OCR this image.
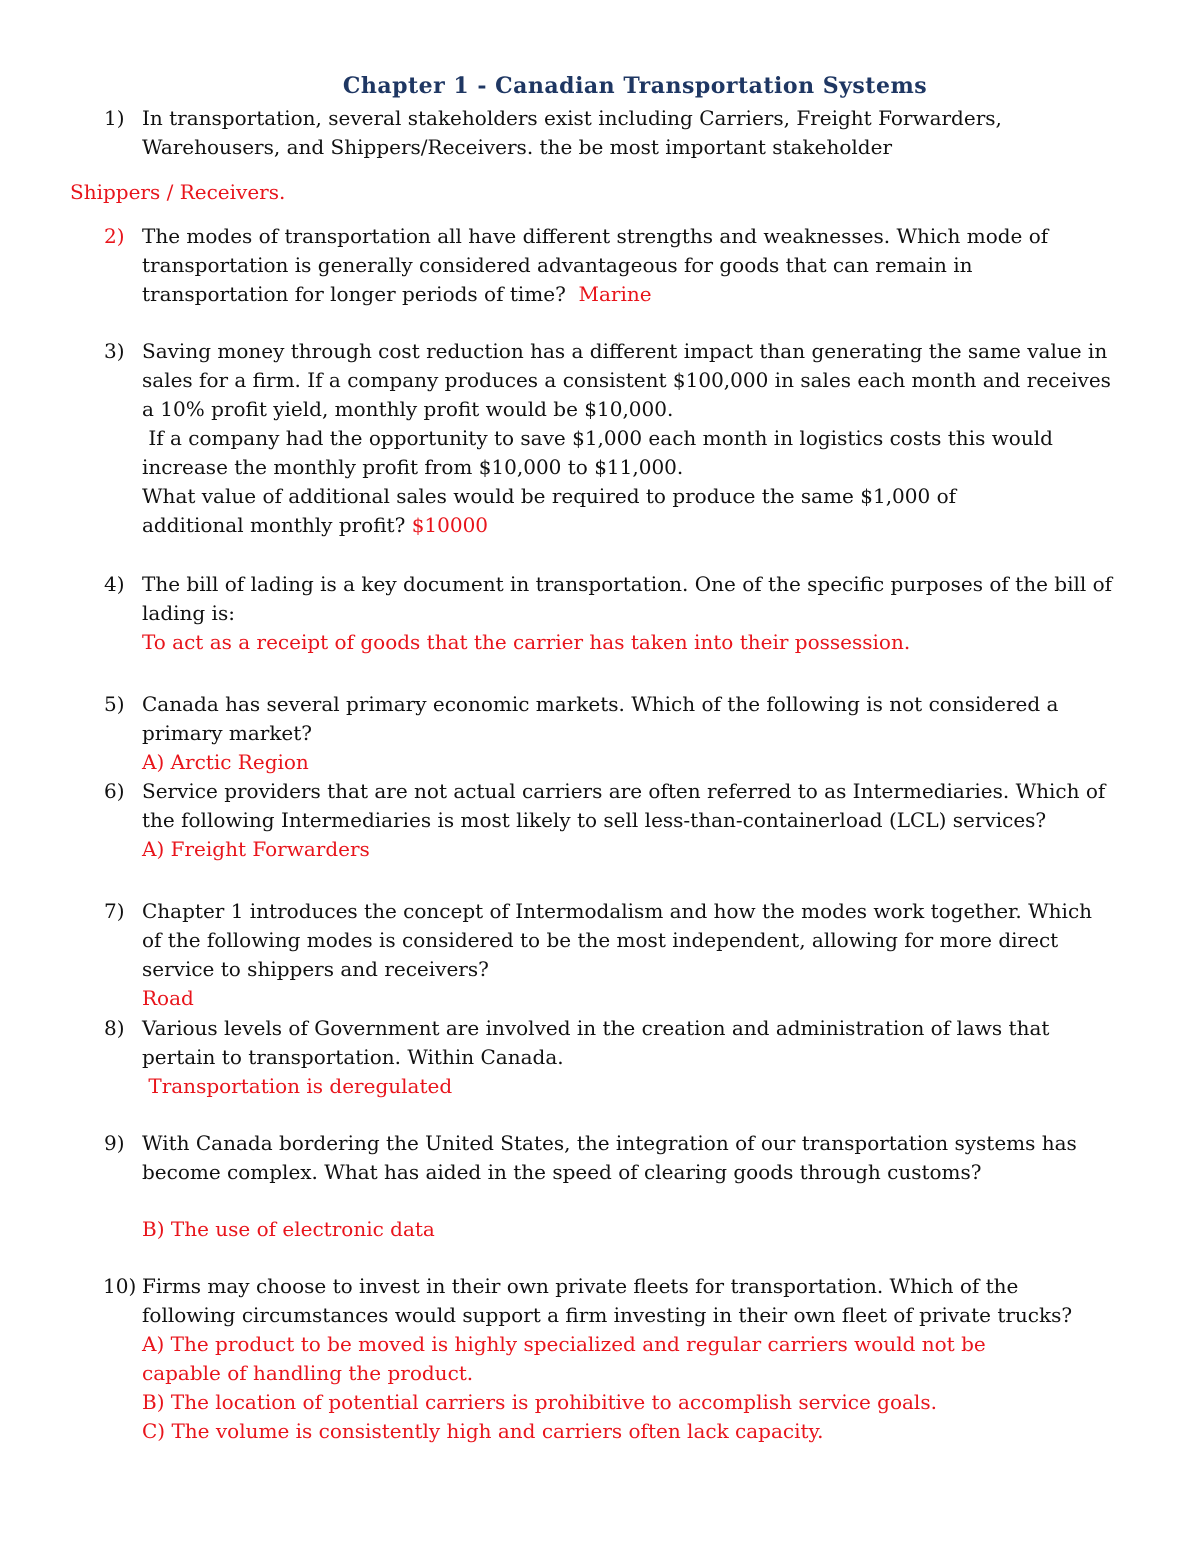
Chapter 1 - Canadian Transportation Systems
1) In transportation, several stakeholders exist including Carriers, Freight Forwarders,
Warehousers, and Shippers/Receivers. the be most important stakeholder
Shippers / Receivers.
2) The modes of transportation all have different strengths and weaknesses. Which mode of
transportation is generally considered advantageous for goods that can remain in
transportation for longer periods of time? Marine
3) Saving money through cost reduction has a different impact than generating the same value in
sales for a firm. If a company produces a consistent $100,000 in sales each month and receives
a 10% profit yield, monthly profit would be $10,000.
If a company had the opportunity to save $1,000 each month in logistics costs this would
increase the monthly profit from $10,000 to $11,000.
What value of additional sales would be required to produce the same $1,000 of
additional monthly profit? $10000
4) The bill of lading is a key document in transportation. One of the specific purposes of the bill of
lading is:
To act as a receipt of goods that the carrier has taken into their possession.
5) Canada has several primary economic markets. Which of the following is not considered a
primary market?
A) Arctic Region
6) Service providers that are not actual carriers are often referred to as Intermediaries. Which of
the following Intermediaries is most likely to sell less-than-containerload (LCL) services?
A) Freight Forwarders
7) Chapter 1 introduces the concept of Intermodalism and how the modes work together. Which
of the following modes is considered to be the most independent, allowing for more direct
service to shippers and receivers?
Road
8) Various levels of Government are involved in the creation and administration of laws that
pertain to transportation. Within Canada.
Transportation is deregulated
9) With Canada bordering the United States, the integration of our transportation systems has
become complex. What has aided in the speed of clearing goods through customs?
B) The use of electronic data
10) Firms may choose to invest in their own private fleets for transportation. Which of the
following circumstances would support a firm investing in their own fleet of private trucks?
A) The product to be moved is highly specialized and regular carriers would not be
capable of handling the product.
B) The location of potential carriers is prohibitive to accomplish service goals.
C) The volume is consistently high and carriers often lack capacity.
